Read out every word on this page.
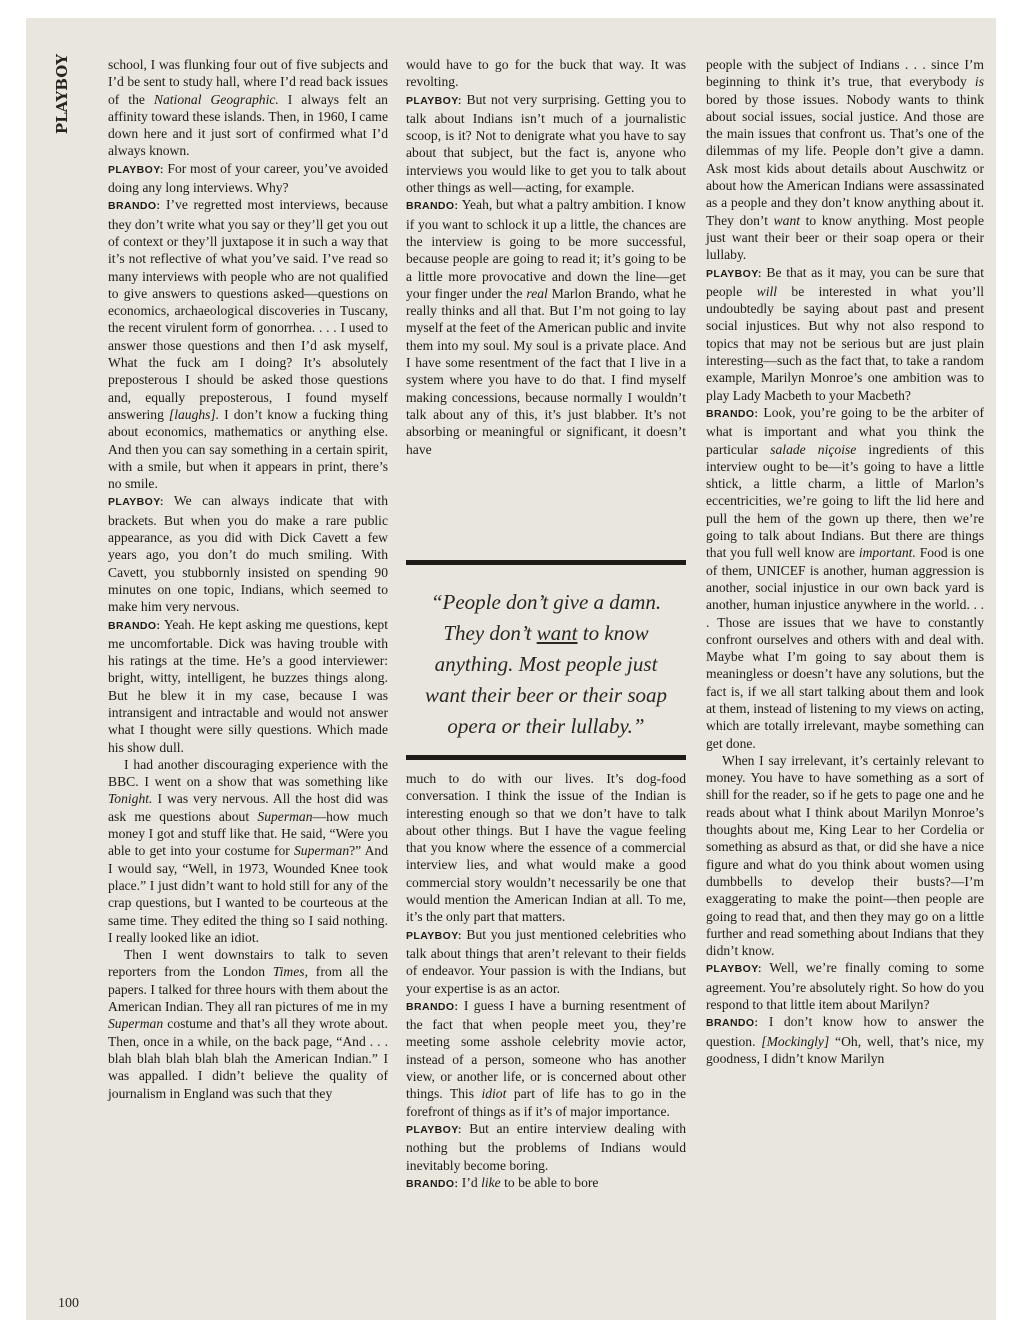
PLAYBOY
100

school, I was flunking four out of five subjects and I’d be sent to study hall, where I’d read back issues of the National Geographic. I always felt an affinity toward these islands. Then, in 1960, I came down here and it just sort of confirmed what I’d always known.

PLAYBOY: For most of your career, you’ve avoided doing any long interviews. Why?

BRANDO: I’ve regretted most interviews, because they don’t write what you say or they’ll get you out of context or they’ll juxtapose it in such a way that it’s not reflective of what you’ve said. I’ve read so many interviews with people who are not qualified to give answers to questions asked—questions on economics, archaeological discoveries in Tuscany, the recent virulent form of gonorrhea. . . . I used to answer those questions and then I’d ask myself, What the fuck am I doing? It’s absolutely preposterous I should be asked those questions and, equally preposterous, I found myself answering [laughs]. I don’t know a fucking thing about economics, mathematics or anything else. And then you can say something in a certain spirit, with a smile, but when it appears in print, there’s no smile.

PLAYBOY: We can always indicate that with brackets. But when you do make a rare public appearance, as you did with Dick Cavett a few years ago, you don’t do much smiling. With Cavett, you stubbornly insisted on spending 90 minutes on one topic, Indians, which seemed to make him very nervous.

BRANDO: Yeah. He kept asking me questions, kept me uncomfortable. Dick was having trouble with his ratings at the time. He’s a good interviewer: bright, witty, intelligent, he buzzes things along. But he blew it in my case, because I was intransigent and intractable and would not answer what I thought were silly questions. Which made his show dull.

I had another discouraging experience with the BBC. I went on a show that was something like Tonight. I was very nervous. All the host did was ask me questions about Superman—how much money I got and stuff like that. He said, “Were you able to get into your costume for Superman?” And I would say, “Well, in 1973, Wounded Knee took place.” I just didn’t want to hold still for any of the crap questions, but I wanted to be courteous at the same time. They edited the thing so I said nothing. I really looked like an idiot.

Then I went downstairs to talk to seven reporters from the London Times, from all the papers. I talked for three hours with them about the American Indian. They all ran pictures of me in my Superman costume and that’s all they wrote about. Then, once in a while, on the back page, “And . . . blah blah blah blah blah the American Indian.” I was appalled. I didn’t believe the quality of journalism in England was such that they

would have to go for the buck that way. It was revolting.

PLAYBOY: But not very surprising. Getting you to talk about Indians isn’t much of a journalistic scoop, is it? Not to denigrate what you have to say about that subject, but the fact is, anyone who interviews you would like to get you to talk about other things as well—acting, for example.

BRANDO: Yeah, but what a paltry ambition. I know if you want to schlock it up a little, the chances are the interview is going to be more successful, because people are going to read it; it’s going to be a little more provocative and down the line—get your finger under the real Marlon Brando, what he really thinks and all that. But I’m not going to lay myself at the feet of the American public and invite them into my soul. My soul is a private place. And I have some resentment of the fact that I live in a system where you have to do that. I find myself making concessions, because normally I wouldn’t talk about any of this, it’s just blabber. It’s not absorbing or meaningful or significant, it doesn’t have

“People don’t give a damn.
They don’t want to know
anything. Most people just
want their beer or their soap
opera or their lullaby.”

much to do with our lives. It’s dog-food conversation. I think the issue of the Indian is interesting enough so that we don’t have to talk about other things. But I have the vague feeling that you know where the essence of a commercial interview lies, and what would make a good commercial story wouldn’t necessarily be one that would mention the American Indian at all. To me, it’s the only part that matters.

PLAYBOY: But you just mentioned celebrities who talk about things that aren’t relevant to their fields of endeavor. Your passion is with the Indians, but your expertise is as an actor.

BRANDO: I guess I have a burning resentment of the fact that when people meet you, they’re meeting some asshole celebrity movie actor, instead of a person, someone who has another view, or another life, or is concerned about other things. This idiot part of life has to go in the forefront of things as if it’s of major importance.

PLAYBOY: But an entire interview dealing with nothing but the problems of Indians would inevitably become boring.

BRANDO: I’d like to be able to bore

people with the subject of Indians . . . since I’m beginning to think it’s true, that everybody is bored by those issues. Nobody wants to think about social issues, social justice. And those are the main issues that confront us. That’s one of the dilemmas of my life. People don’t give a damn. Ask most kids about details about Auschwitz or about how the American Indians were assassinated as a people and they don’t know anything about it. They don’t want to know anything. Most people just want their beer or their soap opera or their lullaby.

PLAYBOY: Be that as it may, you can be sure that people will be interested in what you’ll undoubtedly be saying about past and present social injustices. But why not also respond to topics that may not be serious but are just plain interesting—such as the fact that, to take a random example, Marilyn Monroe’s one ambition was to play Lady Macbeth to your Macbeth?

BRANDO: Look, you’re going to be the arbiter of what is important and what you think the particular salade niçoise ingredients of this interview ought to be—it’s going to have a little shtick, a little charm, a little of Marlon’s eccentricities, we’re going to lift the lid here and pull the hem of the gown up there, then we’re going to talk about Indians. But there are things that you full well know are important. Food is one of them, UNICEF is another, human aggression is another, social injustice in our own back yard is another, human injustice anywhere in the world. . . . Those are issues that we have to constantly confront ourselves and others with and deal with. Maybe what I’m going to say about them is meaningless or doesn’t have any solutions, but the fact is, if we all start talking about them and look at them, instead of listening to my views on acting, which are totally irrelevant, maybe something can get done.

When I say irrelevant, it’s certainly relevant to money. You have to have something as a sort of shill for the reader, so if he gets to page one and he reads about what I think about Marilyn Monroe’s thoughts about me, King Lear to her Cordelia or something as absurd as that, or did she have a nice figure and what do you think about women using dumbbells to develop their busts?—I’m exaggerating to make the point—then people are going to read that, and then they may go on a little further and read something about Indians that they didn’t know.

PLAYBOY: Well, we’re finally coming to some agreement. You’re absolutely right. So how do you respond to that little item about Marilyn?

BRANDO: I don’t know how to answer the question. [Mockingly] “Oh, well, that’s nice, my goodness, I didn’t know Marilyn
